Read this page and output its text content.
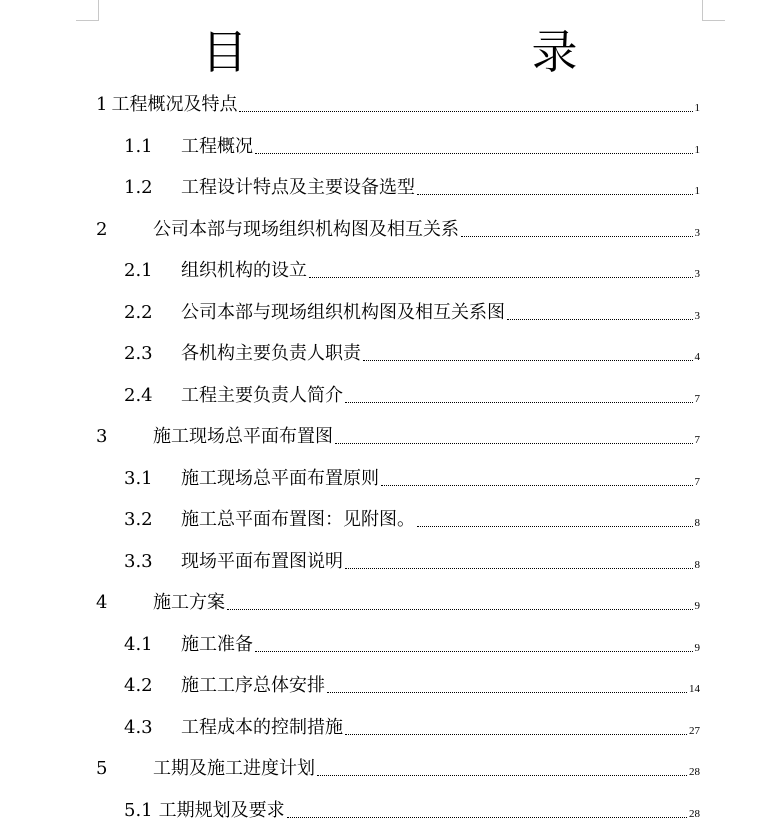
目　　录
1 工程概况及特点	1
1.1	工程概况	1
1.2	工程设计特点及主要设备选型	1
2	公司本部与现场组织机构图及相互关系	3
2.1	组织机构的设立	3
2.2	公司本部与现场组织机构图及相互关系图	3
2.3	各机构主要负责人职责	4
2.4	工程主要负责人简介	7
3	施工现场总平面布置图	7
3.1	施工现场总平面布置原则	7
3.2	施工总平面布置图：见附图。	8
3.3	现场平面布置图说明	8
4	施工方案	9
4.1	施工准备	9
4.2	施工工序总体安排	14
4.3	工程成本的控制措施	27
5	工期及施工进度计划	28
5.1 工期规划及要求	28
